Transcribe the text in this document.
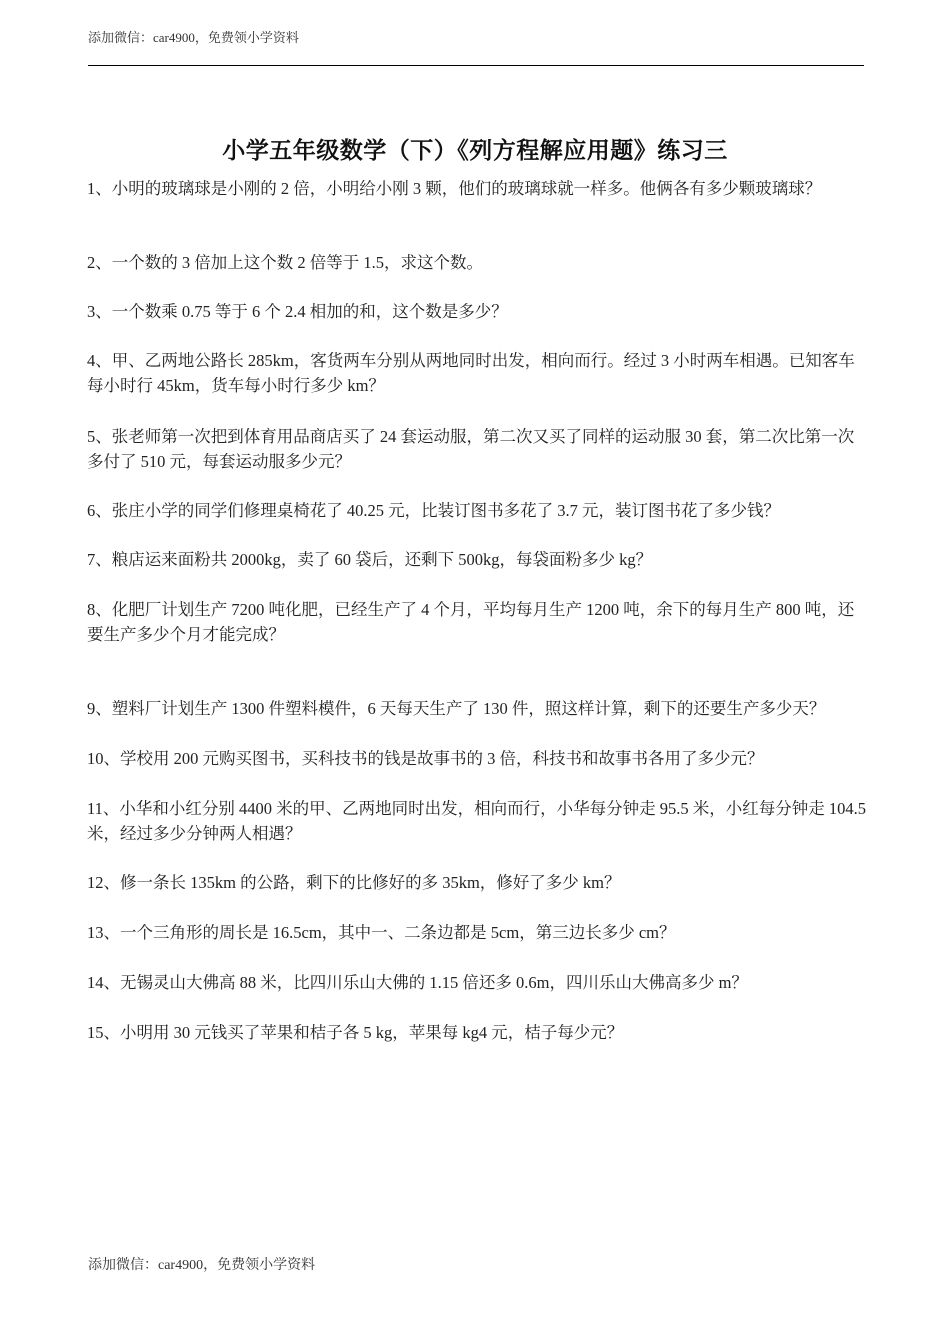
添加微信：car4900，免费领小学资料
小学五年级数学（下）《列方程解应用题》练习三

1、小明的玻璃球是小刚的 2 倍，小明给小刚 3 颗，他们的玻璃球就一样多。他俩各有多少颗玻璃球？

2、一个数的 3 倍加上这个数 2 倍等于 1.5，求这个数。

3、一个数乘 0.75 等于 6 个 2.4 相加的和，这个数是多少？

4、甲、乙两地公路长 285km，客货两车分别从两地同时出发，相向而行。经过 3 小时两车相遇。已知客车每小时行 45km，货车每小时行多少 km？

5、张老师第一次把到体育用品商店买了 24 套运动服，第二次又买了同样的运动服 30 套，第二次比第一次多付了 510 元，每套运动服多少元？

6、张庄小学的同学们修理桌椅花了 40.25 元，比装订图书多花了 3.7 元，装订图书花了多少钱？

7、粮店运来面粉共 2000kg，卖了 60 袋后，还剩下 500kg，每袋面粉多少 kg？

8、化肥厂计划生产 7200 吨化肥，已经生产了 4 个月，平均每月生产 1200 吨，余下的每月生产 800 吨，还要生产多少个月才能完成？

9、塑料厂计划生产 1300 件塑料模件，6 天每天生产了 130 件，照这样计算，剩下的还要生产多少天？

10、学校用 200 元购买图书，买科技书的钱是故事书的 3 倍，科技书和故事书各用了多少元？

11、小华和小红分别 4400 米的甲、乙两地同时出发，相向而行，小华每分钟走 95.5 米，小红每分钟走 104.5 米，经过多少分钟两人相遇？

12、修一条长 135km 的公路，剩下的比修好的多 35km，修好了多少 km？

13、一个三角形的周长是 16.5cm，其中一、二条边都是 5cm，第三边长多少 cm？

14、无锡灵山大佛高 88 米，比四川乐山大佛的 1.15 倍还多 0.6m，四川乐山大佛高多少 m？

15、小明用 30 元钱买了苹果和桔子各 5 kg，苹果每 kg4 元，桔子每少元？

添加微信：car4900，免费领小学资料
